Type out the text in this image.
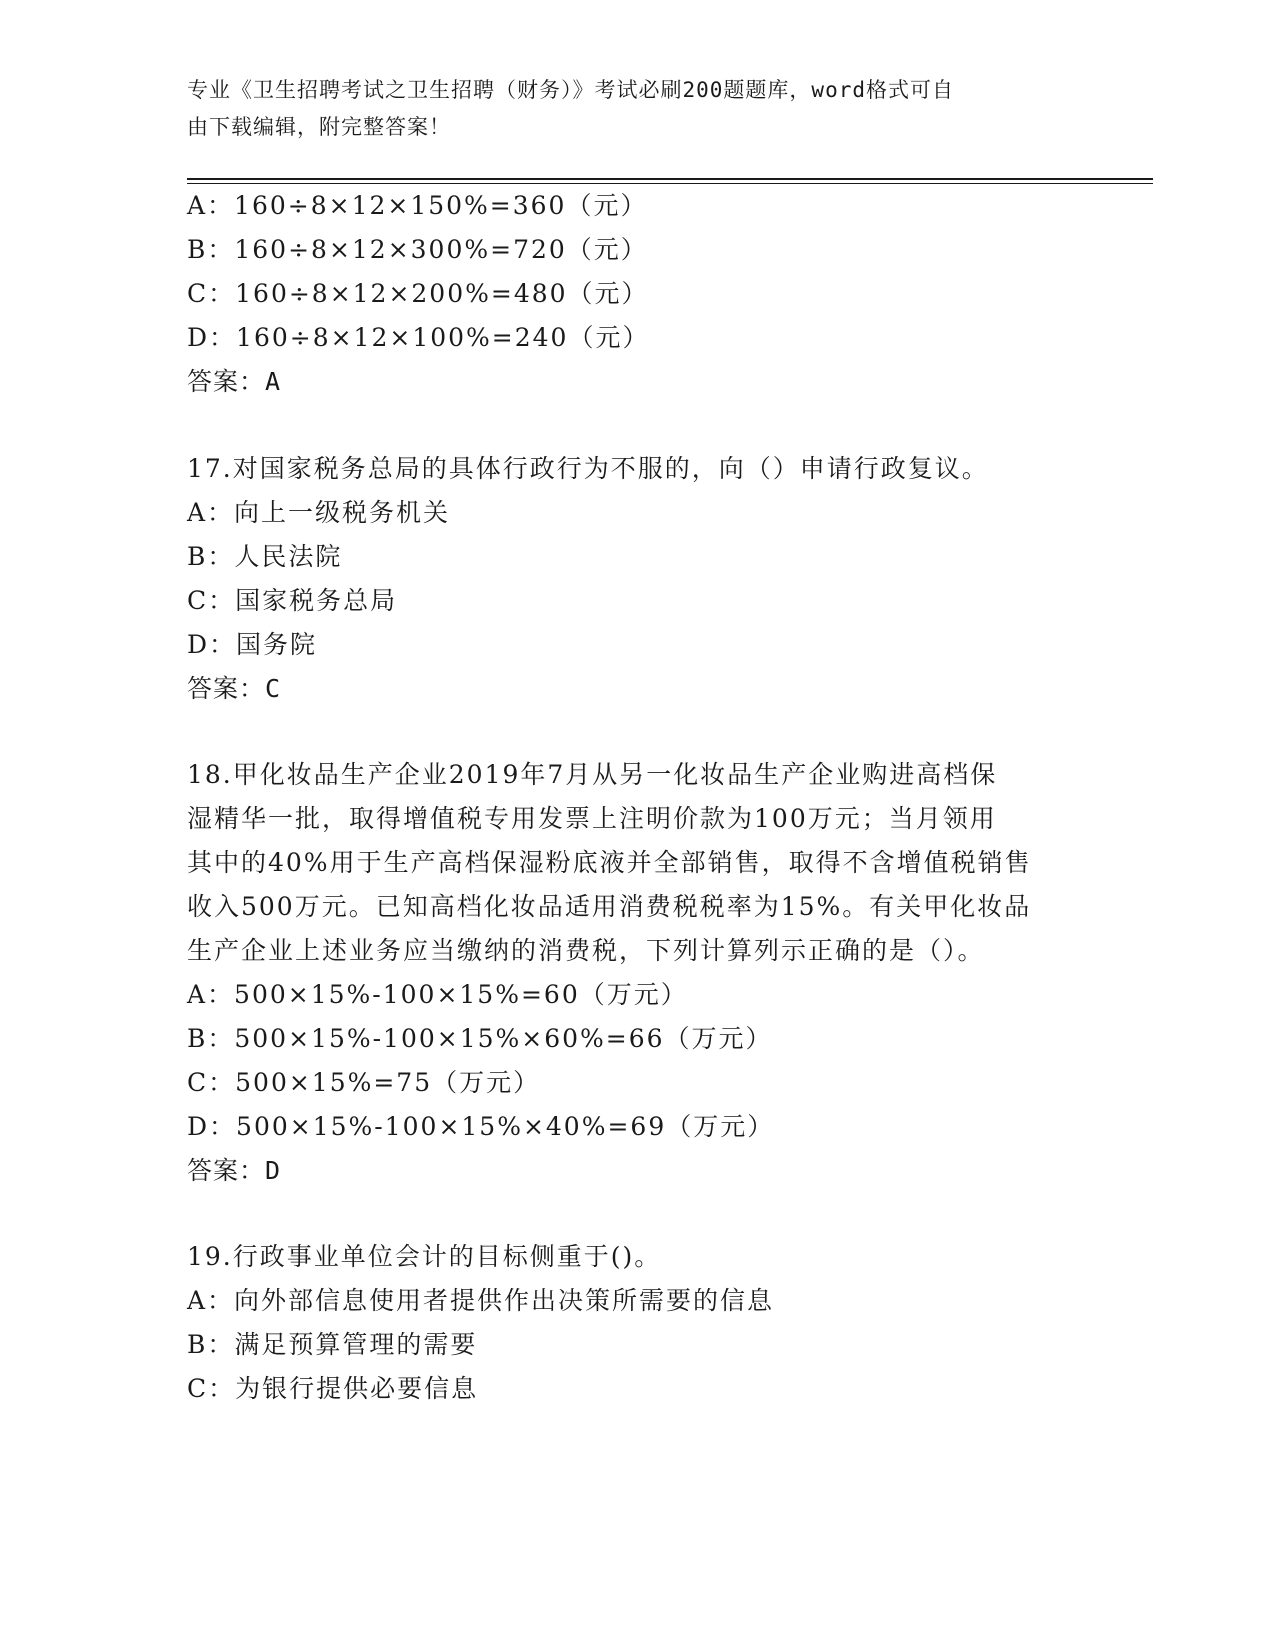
专业《卫生招聘考试之卫生招聘（财务）》考试必刷200题题库，word格式可自
由下载编辑，附完整答案！
A：160÷8×12×150%=360（元）
B：160÷8×12×300%=720（元）
C：160÷8×12×200%=480（元）
D：160÷8×12×100%=240（元）
答案：A
17.对国家税务总局的具体行政行为不服的，向（）申请行政复议。
A：向上一级税务机关
B：人民法院
C：国家税务总局
D：国务院
答案：C
18.甲化妆品生产企业2019年7月从另一化妆品生产企业购进高档保
湿精华一批，取得增值税专用发票上注明价款为100万元；当月领用
其中的40%用于生产高档保湿粉底液并全部销售，取得不含增值税销售
收入500万元。已知高档化妆品适用消费税税率为15%。有关甲化妆品
生产企业上述业务应当缴纳的消费税，下列计算列示正确的是（）。
A：500×15%-100×15%=60（万元）
B：500×15%-100×15%×60%=66（万元）
C：500×15%=75（万元）
D：500×15%-100×15%×40%=69（万元）
答案：D
19.行政事业单位会计的目标侧重于()。
A：向外部信息使用者提供作出决策所需要的信息
B：满足预算管理的需要
C：为银行提供必要信息
